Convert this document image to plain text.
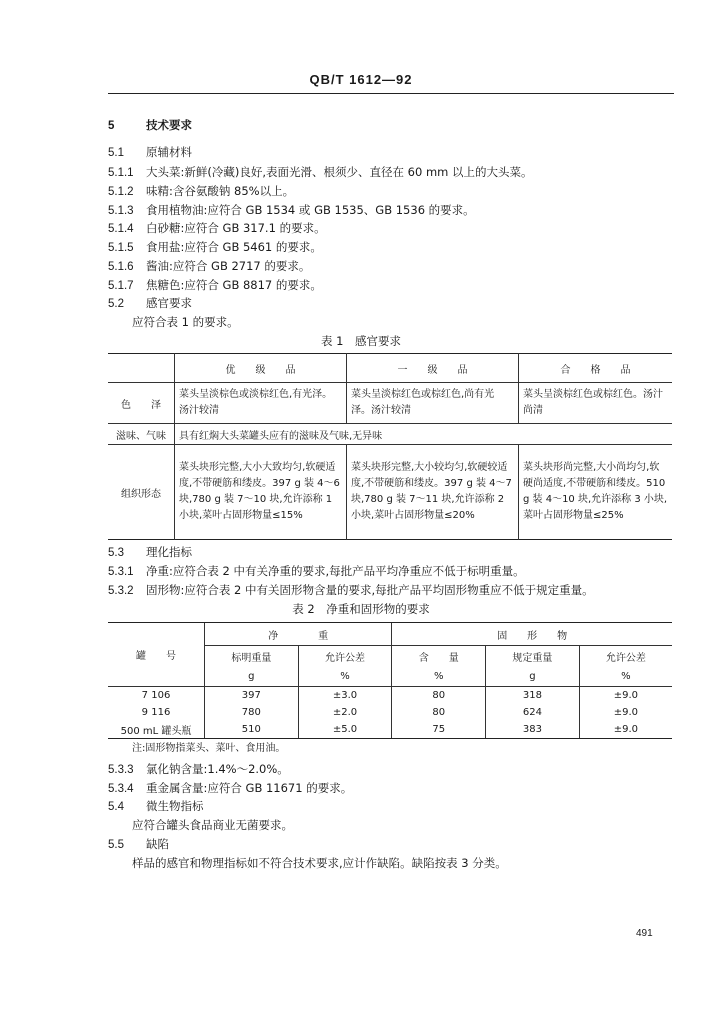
QB/T 1612—92
5	技术要求
5.1 原辅材料
5.1.1 大头菜:新鲜(冷藏)良好,表面光滑、根须少、直径在 60 mm 以上的大头菜。
5.1.2 味精:含谷氨酸钠 85%以上。
5.1.3 食用植物油:应符合 GB 1534 或 GB 1535、GB 1536 的要求。
5.1.4 白砂糖:应符合 GB 317.1 的要求。
5.1.5 食用盐:应符合 GB 5461 的要求。
5.1.6 酱油:应符合 GB 2717 的要求。
5.1.7 焦糖色:应符合 GB 8817 的要求。
5.2 感官要求
应符合表 1 的要求。
表 1　感官要求
	优　　级　　品	一　　级　　品	合　　格　　品
色　　泽	菜头呈淡棕色或淡棕红色,有光泽。汤汁较清	菜头呈淡棕红色或棕红色,尚有光泽。汤汁较清	菜头呈淡棕红色或棕红色。汤汁尚清
滋味、气味	具有红焖大头菜罐头应有的滋味及气味,无异味		
组织形态	菜头块形完整,大小大致均匀,软硬适度,不带硬筋和缕皮。397 g 装 4～6 块,780 g 装 7～10 块,允许添称 1 小块,菜叶占固形物量≤15%	菜头块形完整,大小较均匀,软硬较适度,不带硬筋和缕皮。397 g 装 4～7 块,780 g 装 7～11 块,允许添称 2 小块,菜叶占固形物量≤20%	菜头块形尚完整,大小尚均匀,软硬尚适度,不带硬筋和缕皮。510 g 装 4～10 块,允许添称 3 小块,菜叶占固形物量≤25%
5.3 理化指标
5.3.1 净重:应符合表 2 中有关净重的要求,每批产品平均净重应不低于标明重量。
5.3.2 固形物:应符合表 2 中有关固形物含量的要求,每批产品平均固形物重应不低于规定重量。
表 2　净重和固形物的要求
罐　　号	净　　　　重		固　　形　　物		
	标明重量	允许公差	含　　量	规定重量	允许公差
	g	%	%	g	%
7 106	397	±3.0	80	318	±9.0
9 116	780	±2.0	80	624	±9.0
500 mL 罐头瓶	510	±5.0	75	383	±9.0
注:固形物指菜头、菜叶、食用油。
5.3.3 氯化钠含量:1.4%～2.0%。
5.3.4 重金属含量:应符合 GB 11671 的要求。
5.4 微生物指标
应符合罐头食品商业无菌要求。
5.5 缺陷
样品的感官和物理指标如不符合技术要求,应计作缺陷。缺陷按表 3 分类。
491
